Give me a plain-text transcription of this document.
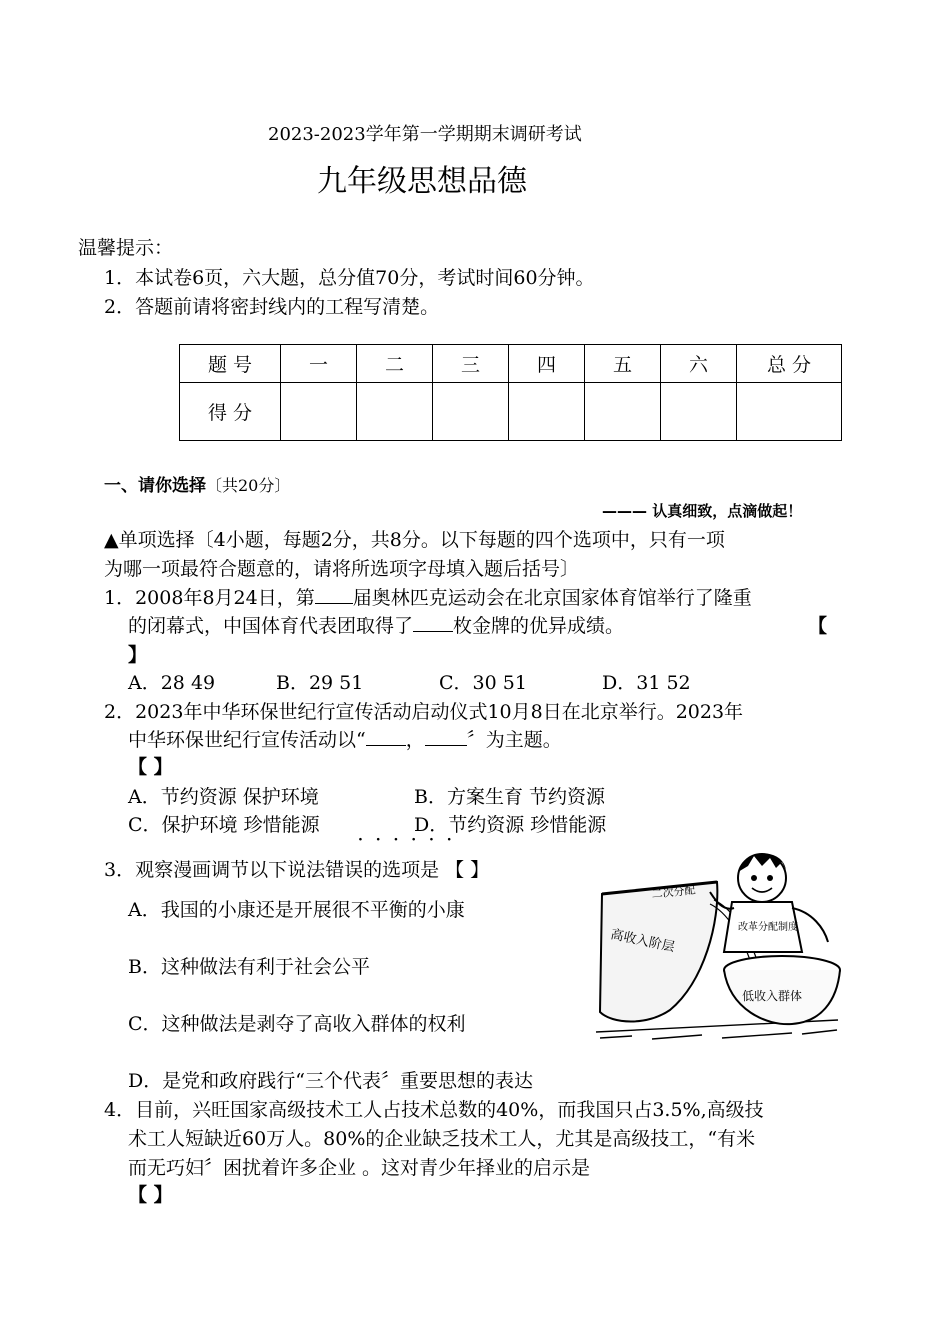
2023-2023学年第一学期期末调研考试
九年级思想品德
温馨提示：
1．本试卷6页，六大题，总分值70分，考试时间60分钟。
2．答题前请将密封线内的工程写清楚。
题 号	一	二	三	四	五	六	总 分
得 分							
一、请你选择〔共20分〕
——— 认真细致，点滴做起！
▲单项选择〔4小题，每题2分，共8分。以下每题的四个选项中，只有一项
为哪一项最符合题意的，请将所选项字母填入题后括号〕
1．2008年8月24日，第 届奥林匹克运动会在北京国家体育馆举行了隆重
的闭幕式，中国体育代表团取得了 枚金牌的优异成绩。	【
】
A．28 49	B．29 51	C．30 51	D．31 52
2．2023年中华环保世纪行宣传活动启动仪式10月8日在北京举行。2023年
中华环保世纪行宣传活动以“ ， 〞为主题。
【 】
A．节约资源 保护环境	B．方案生育 节约资源
C．保护环境 珍惜能源	D．节约资源 珍惜能源
· · · · · ·
3．观察漫画调节以下说法错误的选项是 【 】
A．我国的小康还是开展很不平衡的小康
B．这种做法有利于社会公平
C．这种做法是剥夺了高收入群体的权利
D．是党和政府践行“三个代表〞重要思想的表达
高收入阶层
低收入群体
二次分配
改革分配制度
4．目前，兴旺国家高级技术工人占技术总数的40%，而我国只占3.5%,高级技
术工人短缺近60万人。80%的企业缺乏技术工人，尤其是高级技工，“有米
而无巧妇〞困扰着许多企业 。这对青少年择业的启示是
【 】
